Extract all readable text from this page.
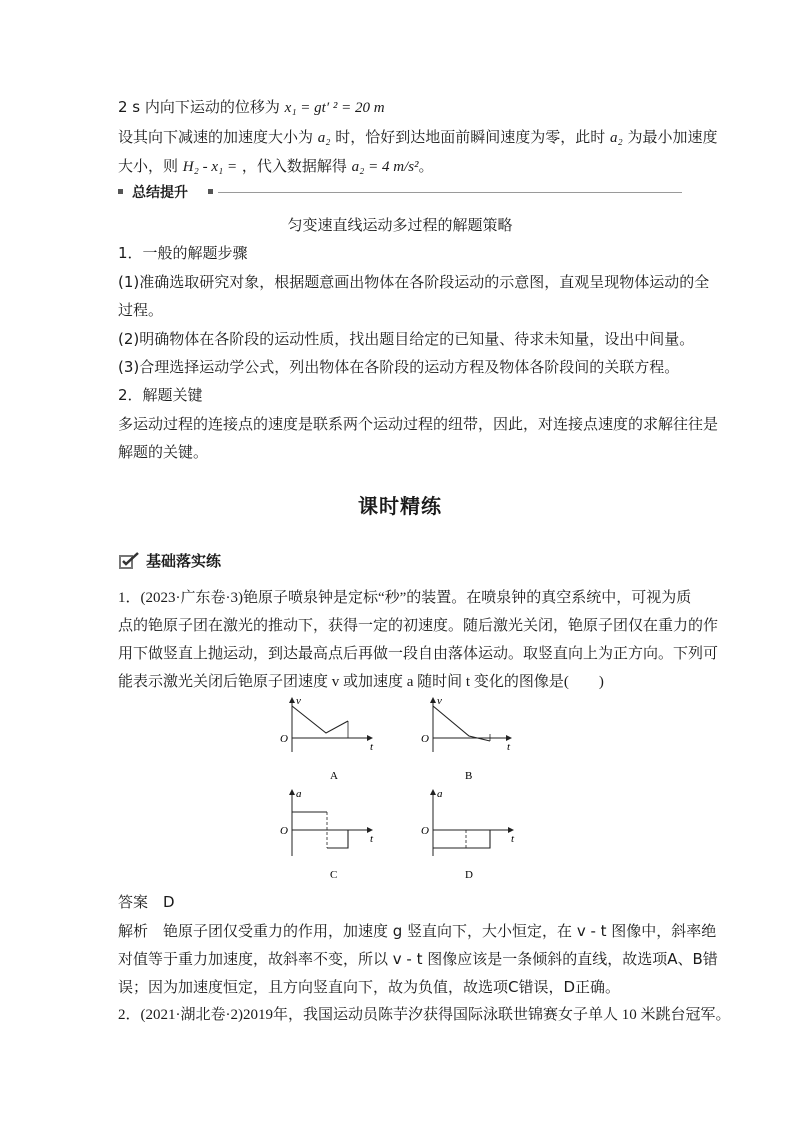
2 s 内向下运动的位移为 x₁ = gt′ ² = 20 m
设其向下减速的加速度大小为 a₂ 时，恰好到达地面前瞬间速度为零，此时 a₂ 为最小加速度
大小，则 H₂ - x₁ = ，代入数据解得 a₂ = 4 m/s²。
总结提升
匀变速直线运动多过程的解题策略
1．一般的解题步骤
(1)准确选取研究对象，根据题意画出物体在各阶段运动的示意图，直观呈现物体运动的全
过程。
(2)明确物体在各阶段的运动性质，找出题目给定的已知量、待求未知量，设出中间量。
(3)合理选择运动学公式，列出物体在各阶段的运动方程及物体各阶段间的关联方程。
2．解题关键
多运动过程的连接点的速度是联系两个运动过程的纽带，因此，对连接点速度的求解往往是
解题的关键。
课时精练
基础落实练
1．(2023·广东卷·3)铯原子喷泉钟是定标“秒”的装置。在喷泉钟的真空系统中，可视为质
点的铯原子团在激光的推动下，获得一定的初速度。随后激光关闭，铯原子团仅在重力的作
用下做竖直上抛运动，到达最高点后再做一段自由落体运动。取竖直向上为正方向。下列可
能表示激光关闭后铯原子团速度 v 或加速度 a 随时间 t 变化的图像是(　　)
v
O
t
A
v
O
t
B
a
O
t
C
a
O
t
D
答案　D
解析　铯原子团仅受重力的作用，加速度 g 竖直向下，大小恒定，在 v - t 图像中，斜率绝
对值等于重力加速度，故斜率不变，所以 v - t 图像应该是一条倾斜的直线，故选项A、B错
误；因为加速度恒定，且方向竖直向下，故为负值，故选项C错误，D正确。
2．(2021·湖北卷·2)2019年，我国运动员陈芋汐获得国际泳联世锦赛女子单人 10 米跳台冠军。
